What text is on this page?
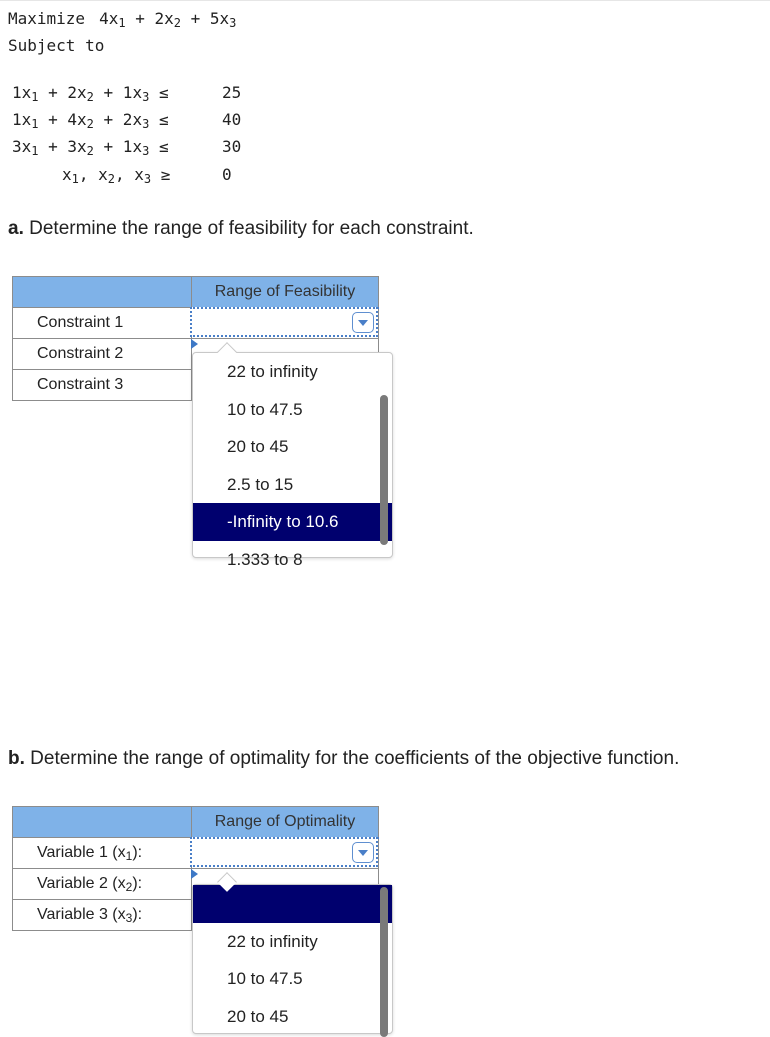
Maximize $4x_1 + 2x_2 + 5x_3$
Subject to
$1x_1 + 2x_2 + 1x_3$ ≤	25
$1x_1 + 4x_2 + 2x_3$ ≤	40
$3x_1 + 3x_2 + 1x_3$ ≤	30
$x_1$, $x_2$, $x_3$ ≥	0
a. Determine the range of feasibility for each constraint.
	Range of Feasibility
Constraint 1	
Constraint 2	
Constraint 3	
22 to infinity
10 to 47.5
20 to 45
2.5 to 15
-Infinity to 10.6
1.333 to 8
b. Determine the range of optimality for the coefficients of the objective function.
	Range of Optimality
Variable 1 $(x_1)$:	
Variable 2 $(x_2)$:	
Variable 3 $(x_3)$:	
22 to infinity
10 to 47.5
20 to 45
